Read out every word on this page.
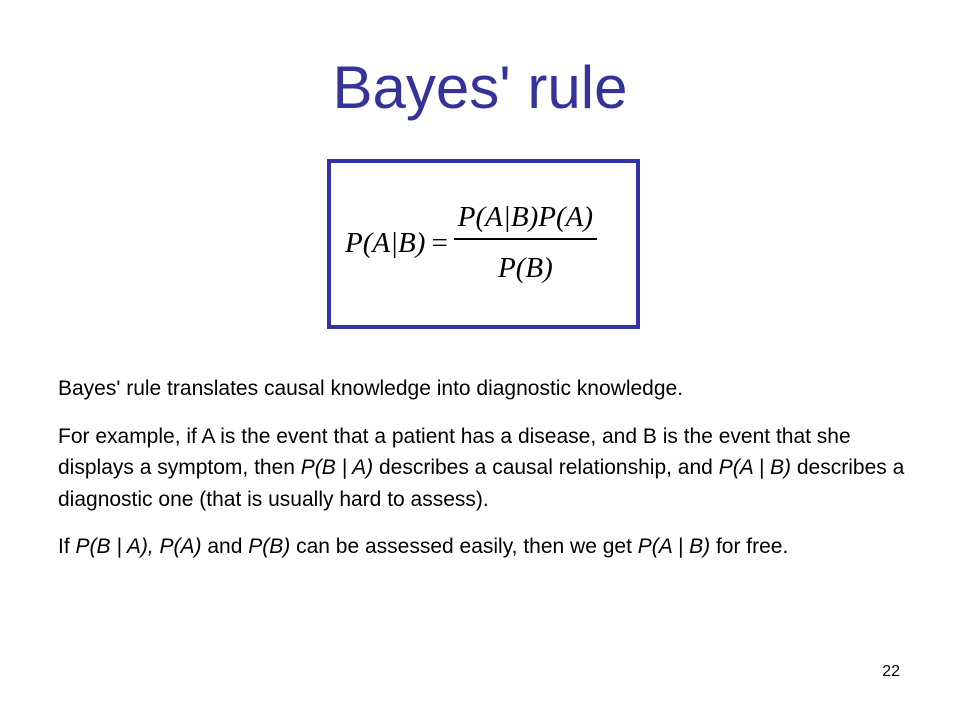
Bayes' rule
$P(A|B) = \frac{P(A|B)P(A)}{P(B)}$

Bayes' rule translates causal knowledge into diagnostic knowledge.

For example, if A is the event that a patient has a disease, and B is the event that she displays a symptom, then P(B | A) describes a causal relationship, and P(A | B) describes a diagnostic one (that is usually hard to assess).

If P(B | A), P(A) and P(B) can be assessed easily, then we get P(A | B) for free.

22
